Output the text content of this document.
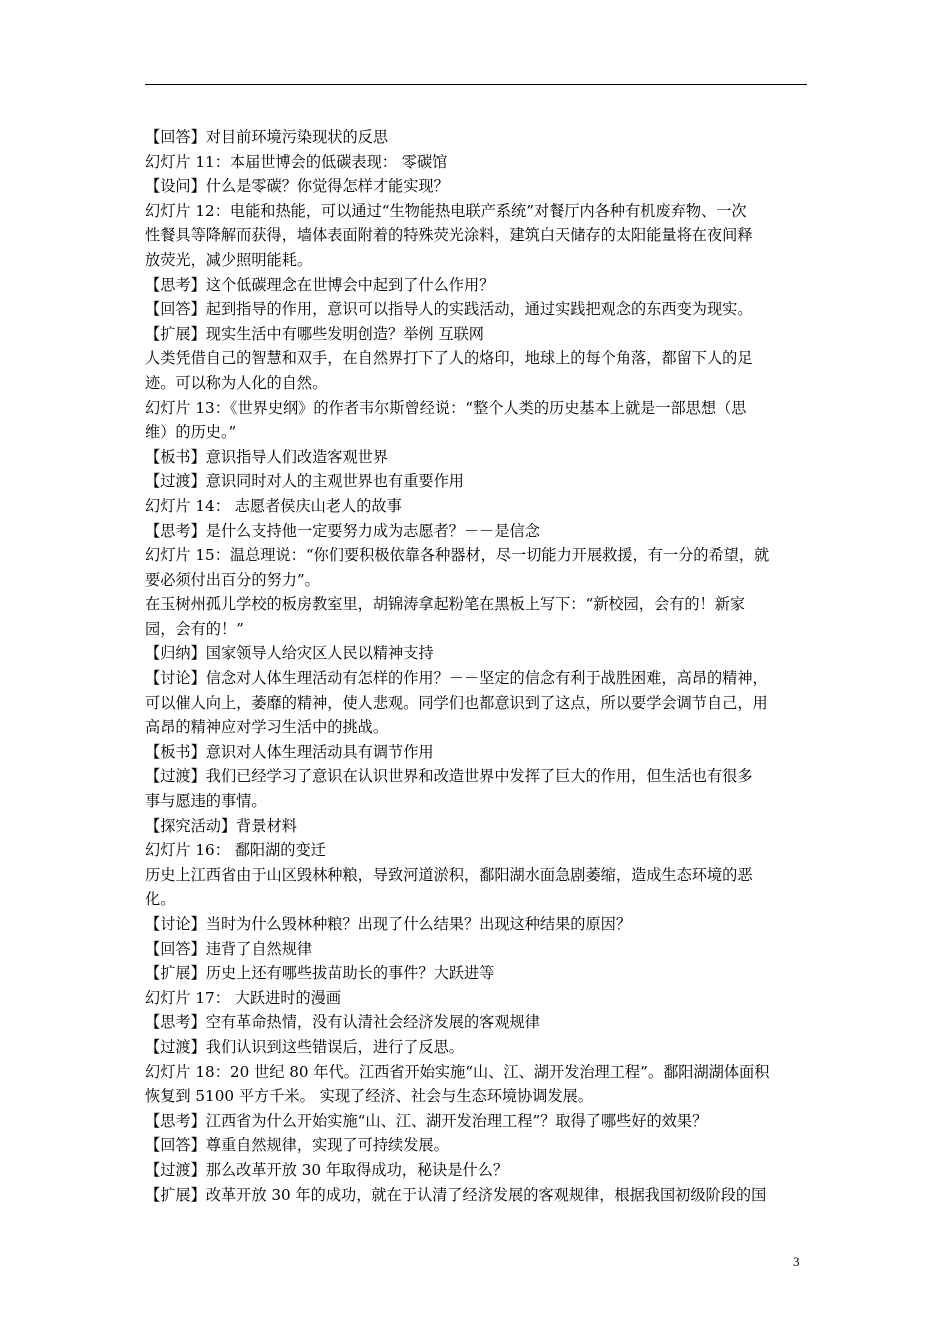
【回答】对目前环境污染现状的反思
幻灯片 11：本届世博会的低碳表现： 零碳馆
【设问】什么是零碳？你觉得怎样才能实现？
幻灯片 12：电能和热能，可以通过“生物能热电联产系统”对餐厅内各种有机废弃物、一次
性餐具等降解而获得，墙体表面附着的特殊荧光涂料，建筑白天储存的太阳能量将在夜间释
放荧光，减少照明能耗。
【思考】这个低碳理念在世博会中起到了什么作用？
【回答】起到指导的作用，意识可以指导人的实践活动，通过实践把观念的东西变为现实。
【扩展】现实生活中有哪些发明创造？举例 互联网
人类凭借自己的智慧和双手，在自然界打下了人的烙印，地球上的每个角落，都留下人的足
迹。可以称为人化的自然。
幻灯片 13：《世界史纲》的作者韦尔斯曾经说：“整个人类的历史基本上就是一部思想（思
维）的历史。”
【板书】意识指导人们改造客观世界
【过渡】意识同时对人的主观世界也有重要作用
幻灯片 14： 志愿者侯庆山老人的故事
【思考】是什么支持他一定要努力成为志愿者？－－是信念
幻灯片 15：温总理说：“你们要积极依靠各种器材，尽一切能力开展救援，有一分的希望，就
要必须付出百分的努力”。
在玉树州孤儿学校的板房教室里，胡锦涛拿起粉笔在黑板上写下：“新校园，会有的！新家
园，会有的！”
【归纳】国家领导人给灾区人民以精神支持
【讨论】信念对人体生理活动有怎样的作用？－－坚定的信念有利于战胜困难，高昂的精神，
可以催人向上，萎靡的精神，使人悲观。同学们也都意识到了这点，所以要学会调节自己，用
高昂的精神应对学习生活中的挑战。
【板书】意识对人体生理活动具有调节作用
【过渡】我们已经学习了意识在认识世界和改造世界中发挥了巨大的作用，但生活也有很多
事与愿违的事情。
【探究活动】背景材料
幻灯片 16： 鄱阳湖的变迁
历史上江西省由于山区毁林种粮，导致河道淤积，鄱阳湖水面急剧萎缩，造成生态环境的恶
化。
【讨论】当时为什么毁林种粮？出现了什么结果？出现这种结果的原因？
【回答】违背了自然规律
【扩展】历史上还有哪些拔苗助长的事件？大跃进等
幻灯片 17： 大跃进时的漫画
【思考】空有革命热情，没有认清社会经济发展的客观规律
【过渡】我们认识到这些错误后，进行了反思。
幻灯片 18：20 世纪 80 年代。江西省开始实施“山、江、湖开发治理工程”。鄱阳湖湖体面积
恢复到 5100 平方千米。 实现了经济、社会与生态环境协调发展。
【思考】江西省为什么开始实施“山、江、湖开发治理工程”？取得了哪些好的效果？
【回答】尊重自然规律，实现了可持续发展。
【过渡】那么改革开放 30 年取得成功，秘诀是什么？
【扩展】改革开放 30 年的成功，就在于认清了经济发展的客观规律，根据我国初级阶段的国
3
